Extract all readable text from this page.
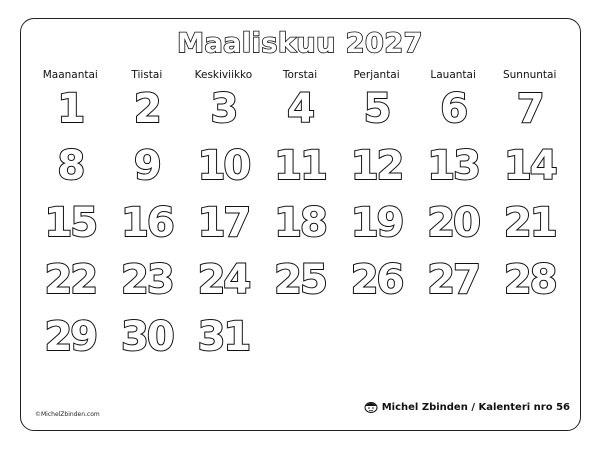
Maaliskuu 2027
Maanantai	Tiistai	Keskiviikko	Torstai	Perjantai	Lauantai	Sunnuntai
1	2	3	4	5	6	7
8	9 10 11 12 13 14
15 16 17 18 19 20 21
22 23 24 25 26 27 28
29 30 31
©MichelZbinden.com
Michel Zbinden / Kalenteri nro 56
